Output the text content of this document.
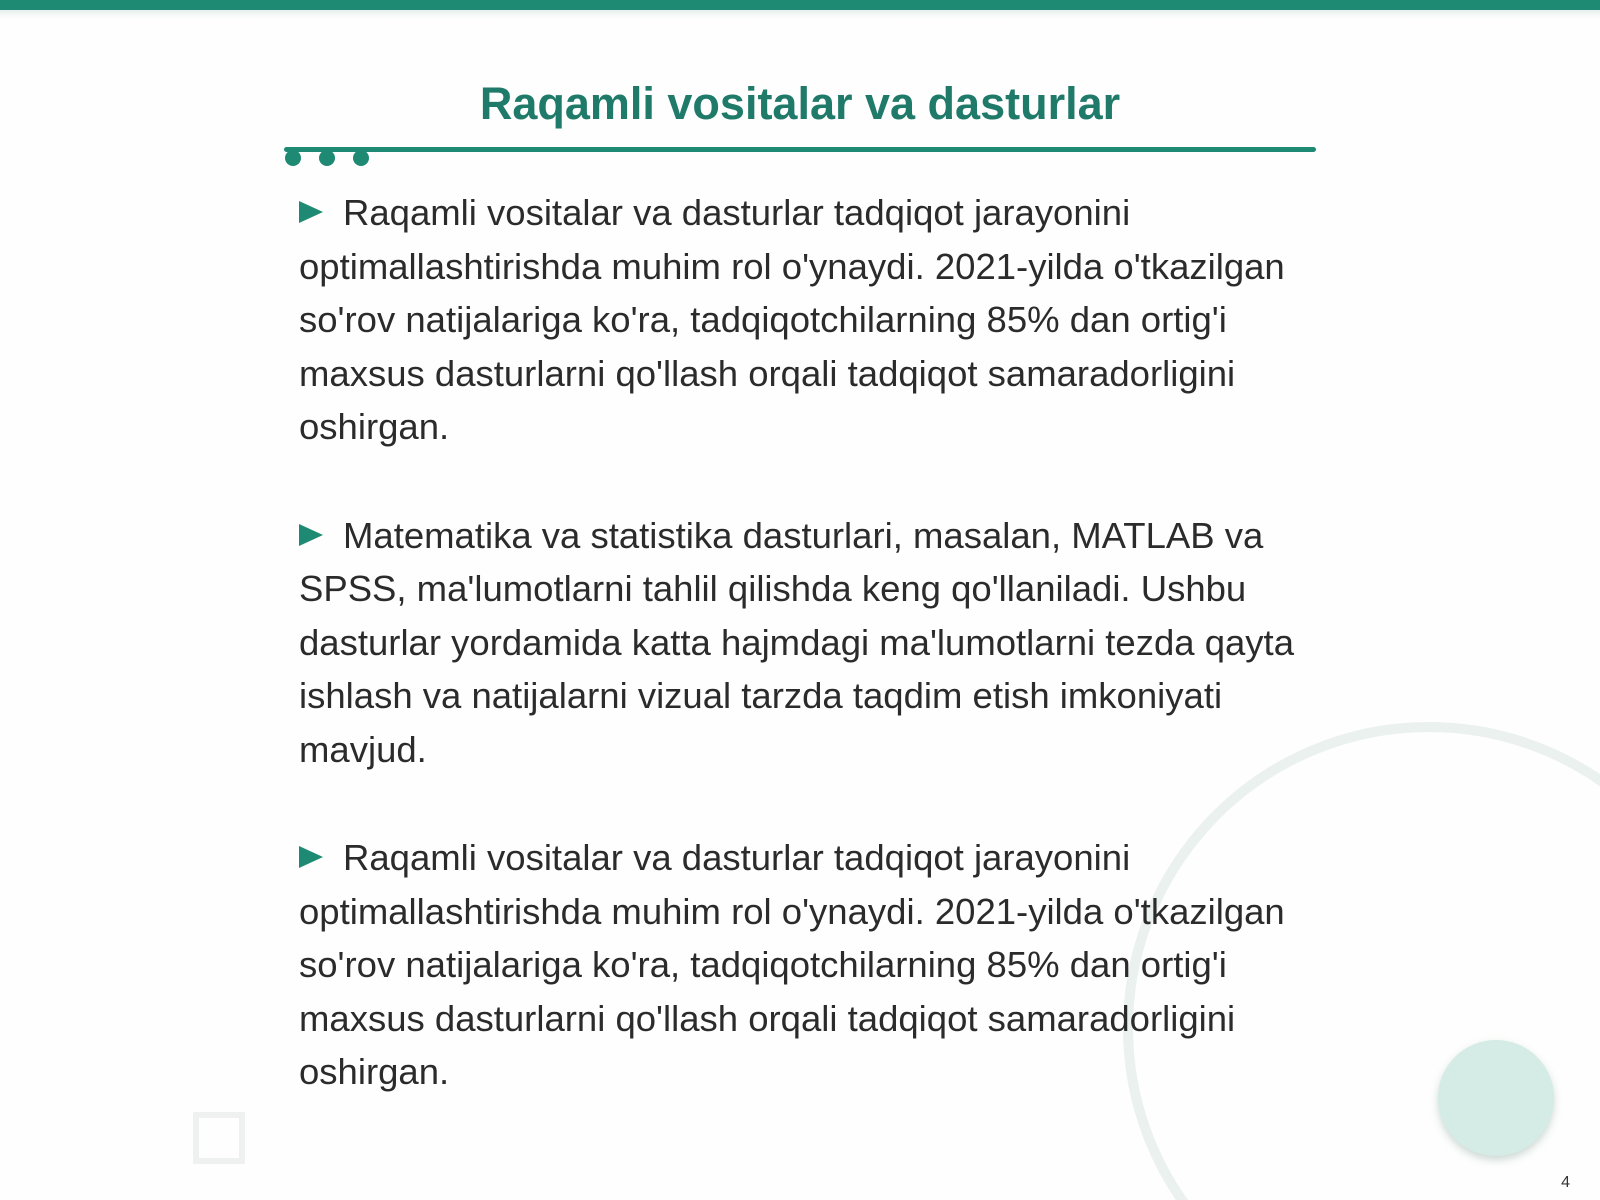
Raqamli vositalar va dasturlar

Raqamli vositalar va dasturlar tadqiqot jarayonini optimallashtirishda muhim rol o'ynaydi. 2021-yilda o'tkazilgan so'rov natijalariga ko'ra, tadqiqotchilarning 85% dan ortig'i maxsus dasturlarni qo'llash orqali tadqiqot samaradorligini oshirgan.

Matematika va statistika dasturlari, masalan, MATLAB va SPSS, ma'lumotlarni tahlil qilishda keng qo'llaniladi. Ushbu dasturlar yordamida katta hajmdagi ma'lumotlarni tezda qayta ishlash va natijalarni vizual tarzda taqdim etish imkoniyati mavjud.

Raqamli vositalar va dasturlar tadqiqot jarayonini optimallashtirishda muhim rol o'ynaydi. 2021-yilda o'tkazilgan so'rov natijalariga ko'ra, tadqiqotchilarning 85% dan ortig'i maxsus dasturlarni qo'llash orqali tadqiqot samaradorligini oshirgan.

4
